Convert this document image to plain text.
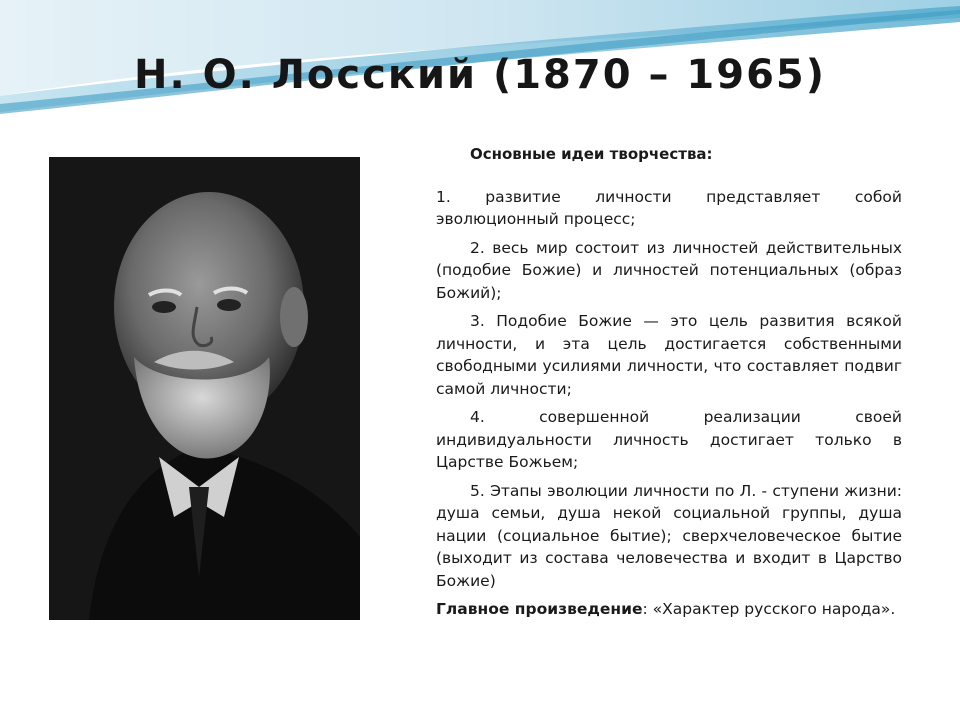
Н. О. Лосский (1870 – 1965)
Основные идеи творчества:
1. развитие личности представляет собой эволюционный процесс;
2. весь мир состоит из личностей действительных (подобие Божие) и личностей потенциальных (образ Божий);
3. Подобие Божие — это цель развития всякой личности, и эта цель достигается собственными свободными усилиями личности, что составляет подвиг самой личности;
4. совершенной реализации своей индивидуальности личность достигает только в Царстве Божьем;
5. Этапы эволюции личности по Л. - ступени жизни: душа семьи, душа некой социальной группы, душа нации (социальное бытие); сверхчеловеческое бытие (выходит из состава человечества и входит в Царство Божие)
Главное произведение: «Характер русского народа».
